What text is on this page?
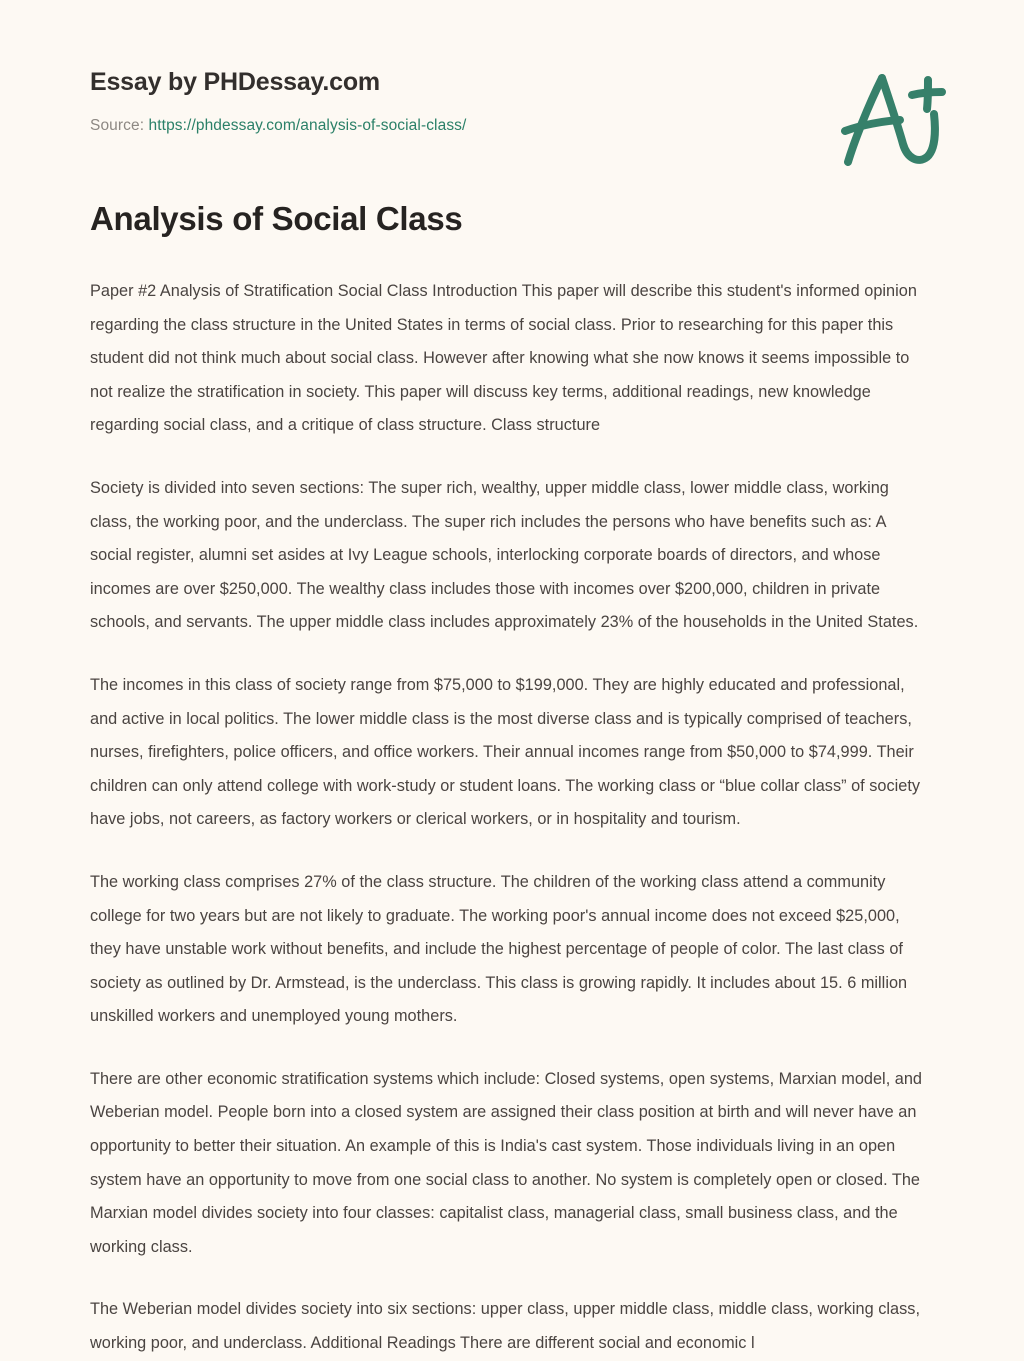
Essay by PHDessay.com
Source: https://phdessay.com/analysis-of-social-class/
Analysis of Social Class

Paper #2 Analysis of Stratification Social Class Introduction This paper will describe this student's informed opinion regarding the class structure in the United States in terms of social class. Prior to researching for this paper this student did not think much about social class. However after knowing what she now knows it seems impossible to not realize the stratification in society. This paper will discuss key terms, additional readings, new knowledge regarding social class, and a critique of class structure. Class structure

Society is divided into seven sections: The super rich, wealthy, upper middle class, lower middle class, working class, the working poor, and the underclass. The super rich includes the persons who have benefits such as: A social register, alumni set asides at Ivy League schools, interlocking corporate boards of directors, and whose incomes are over $250,000. The wealthy class includes those with incomes over $200,000, children in private schools, and servants. The upper middle class includes approximately 23% of the households in the United States.

The incomes in this class of society range from $75,000 to $199,000. They are highly educated and professional, and active in local politics. The lower middle class is the most diverse class and is typically comprised of teachers, nurses, firefighters, police officers, and office workers. Their annual incomes range from $50,000 to $74,999. Their children can only attend college with work-study or student loans. The working class or “blue collar class” of society have jobs, not careers, as factory workers or clerical workers, or in hospitality and tourism.

The working class comprises 27% of the class structure. The children of the working class attend a community college for two years but are not likely to graduate. The working poor's annual income does not exceed $25,000, they have unstable work without benefits, and include the highest percentage of people of color. The last class of society as outlined by Dr. Armstead, is the underclass. This class is growing rapidly. It includes about 15. 6 million unskilled workers and unemployed young mothers.

There are other economic stratification systems which include: Closed systems, open systems, Marxian model, and Weberian model. People born into a closed system are assigned their class position at birth and will never have an opportunity to better their situation. An example of this is India's cast system. Those individuals living in an open system have an opportunity to move from one social class to another. No system is completely open or closed. The Marxian model divides society into four classes: capitalist class, managerial class, small business class, and the working class.

The Weberian model divides society into six sections: upper class, upper middle class, middle class, working class, working poor, and underclass. Additional Readings There are different social and economic l
